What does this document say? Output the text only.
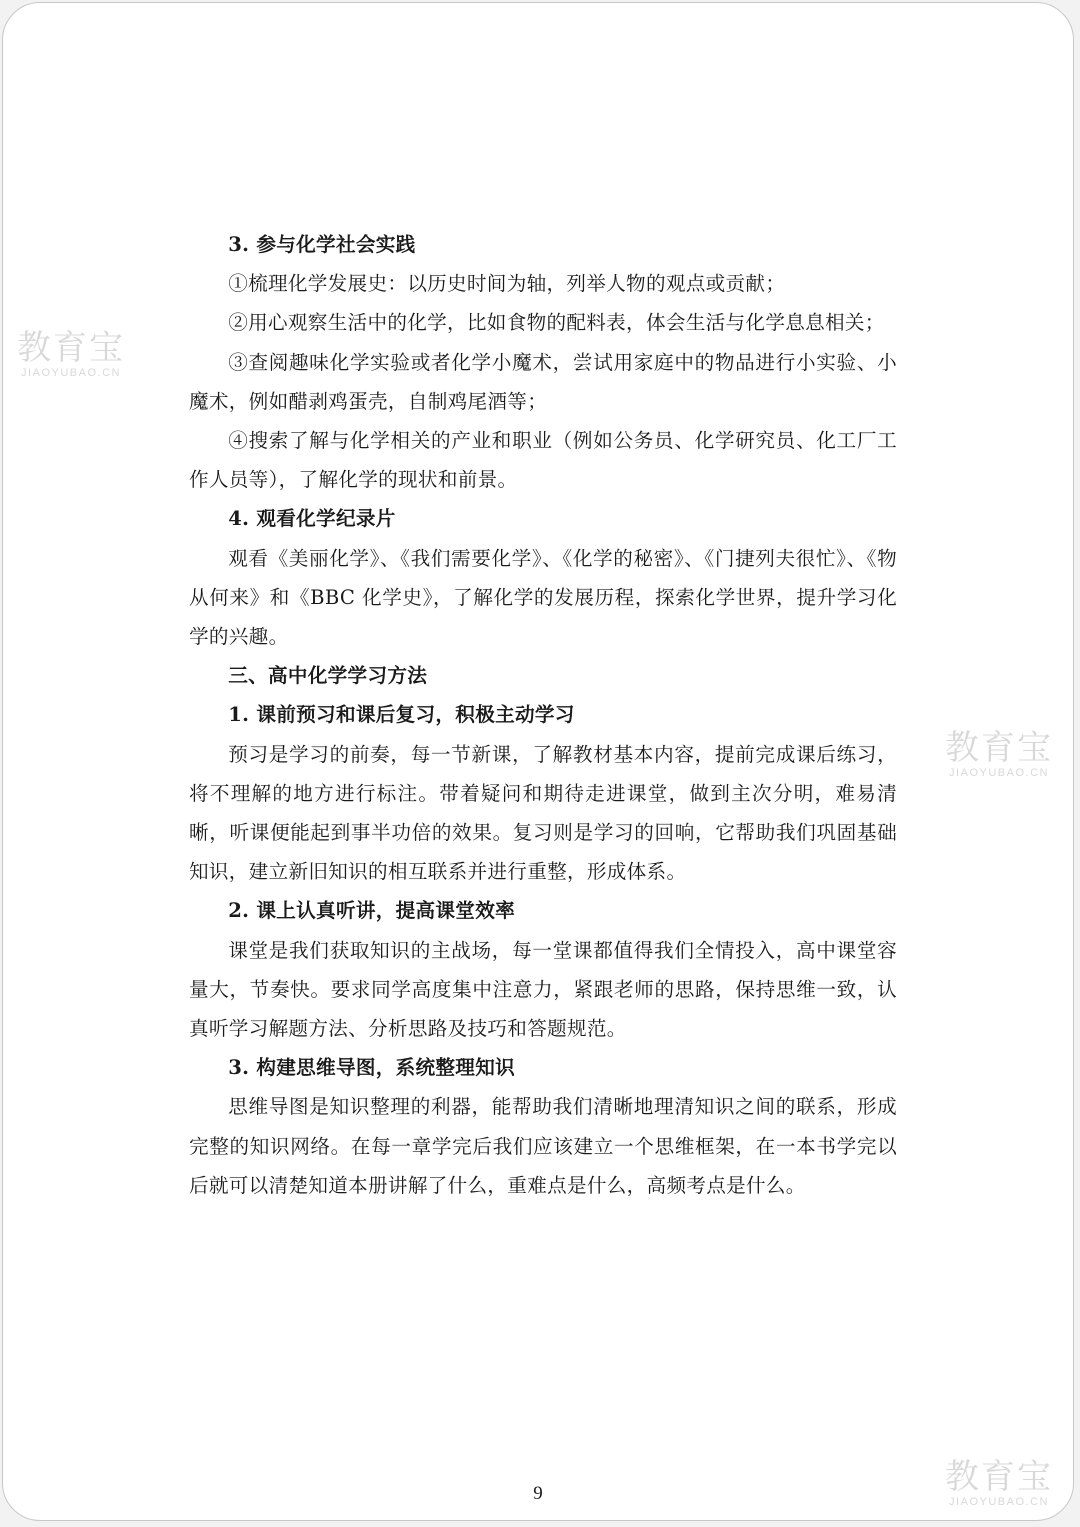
3. 参与化学社会实践

①梳理化学发展史：以历史时间为轴，列举人物的观点或贡献；

②用心观察生活中的化学，比如食物的配料表，体会生活与化学息息相关；

③查阅趣味化学实验或者化学小魔术，尝试用家庭中的物品进行小实验、小魔术，例如醋剥鸡蛋壳，自制鸡尾酒等；

④搜索了解与化学相关的产业和职业（例如公务员、化学研究员、化工厂工作人员等），了解化学的现状和前景。

4. 观看化学纪录片

观看《美丽化学》、《我们需要化学》、《化学的秘密》、《门捷列夫很忙》、《物从何来》和《BBC 化学史》，了解化学的发展历程，探索化学世界，提升学习化学的兴趣。

三、高中化学学习方法

1. 课前预习和课后复习，积极主动学习

预习是学习的前奏，每一节新课，了解教材基本内容，提前完成课后练习，将不理解的地方进行标注。带着疑问和期待走进课堂，做到主次分明，难易清晰，听课便能起到事半功倍的效果。复习则是学习的回响，它帮助我们巩固基础知识，建立新旧知识的相互联系并进行重整，形成体系。

2. 课上认真听讲，提高课堂效率

课堂是我们获取知识的主战场，每一堂课都值得我们全情投入，高中课堂容量大，节奏快。要求同学高度集中注意力，紧跟老师的思路，保持思维一致，认真听学习解题方法、分析思路及技巧和答题规范。

3. 构建思维导图，系统整理知识

思维导图是知识整理的利器，能帮助我们清晰地理清知识之间的联系，形成完整的知识网络。在每一章学完后我们应该建立一个思维框架，在一本书学完以后就可以清楚知道本册讲解了什么，重难点是什么，高频考点是什么。

9
教育宝
JIAOYUBAO.CN
教育宝
JIAOYUBAO.CN
教育宝
JIAOYUBAO.CN
